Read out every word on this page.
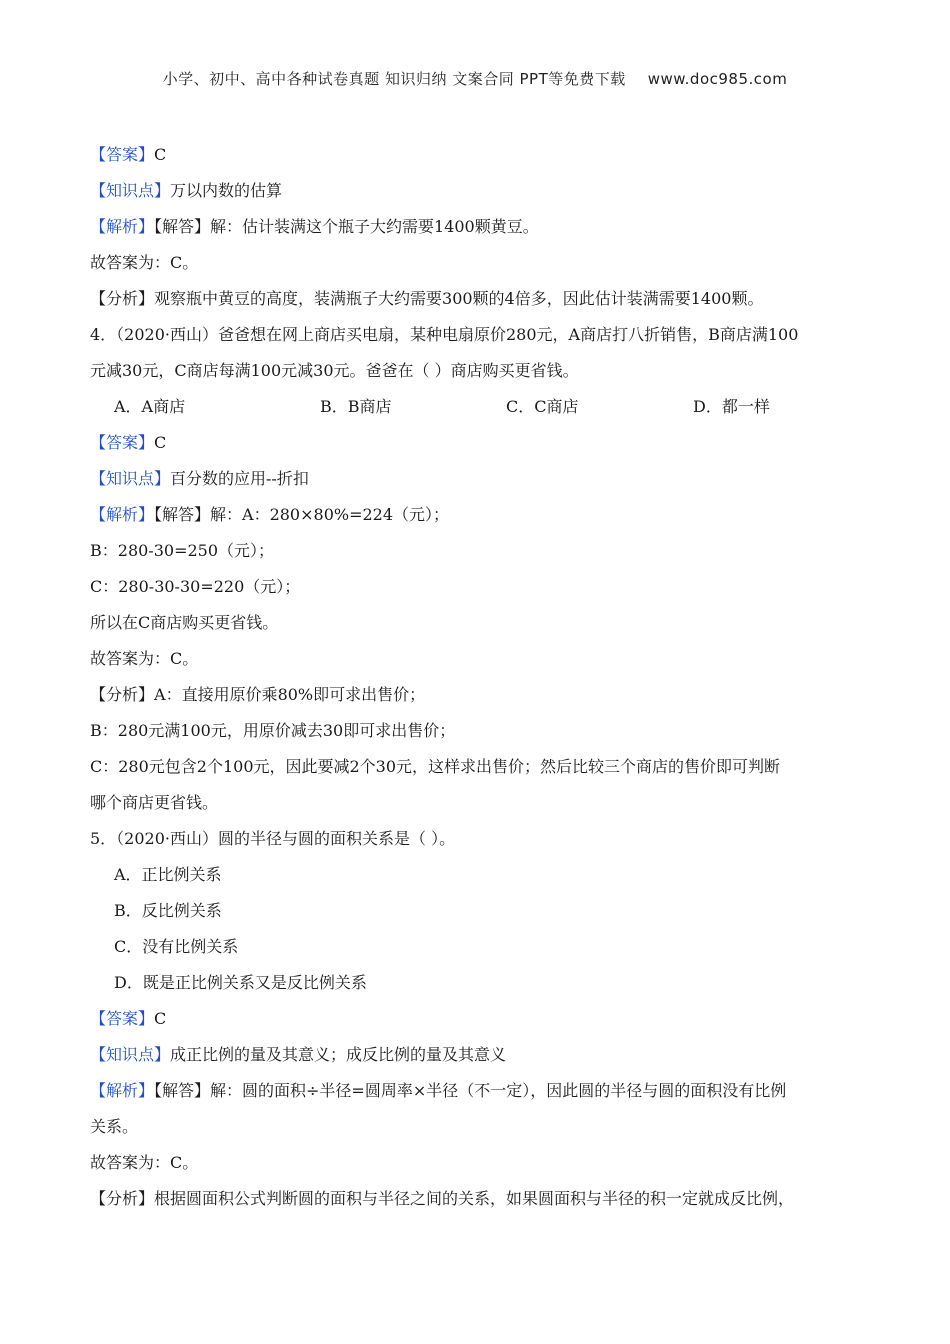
小学、初中、高中各种试卷真题 知识归纳 文案合同 PPT等免费下载 www.doc985.com
【答案】C
【知识点】万以内数的估算
【解析】【解答】解：估计装满这个瓶子大约需要1400颗黄豆。
故答案为：C。
【分析】观察瓶中黄豆的高度，装满瓶子大约需要300颗的4倍多，因此估计装满需要1400颗。
4．（2020·西山）爸爸想在网上商店买电扇，某种电扇原价280元，A商店打八折销售，B商店满100
元减30元，C商店每满100元减30元。爸爸在（ ）商店购买更省钱。
A．A商店	B．B商店	C．C商店	D．都一样
【答案】C
【知识点】百分数的应用--折扣
【解析】【解答】解：A：280×80%=224（元）；
B：280-30=250（元）；
C：280-30-30=220（元）；
所以在C商店购买更省钱。
故答案为：C。
【分析】A：直接用原价乘80%即可求出售价；
B：280元满100元，用原价减去30即可求出售价；
C：280元包含2个100元，因此要减2个30元，这样求出售价；然后比较三个商店的售价即可判断
哪个商店更省钱。
5．（2020·西山）圆的半径与圆的面积关系是（ ）。
A．正比例关系
B．反比例关系
C．没有比例关系
D．既是正比例关系又是反比例关系
【答案】C
【知识点】成正比例的量及其意义；成反比例的量及其意义
【解析】【解答】解：圆的面积÷半径=圆周率×半径（不一定），因此圆的半径与圆的面积没有比例
关系。
故答案为：C。
【分析】根据圆面积公式判断圆的面积与半径之间的关系，如果圆面积与半径的积一定就成反比例，
